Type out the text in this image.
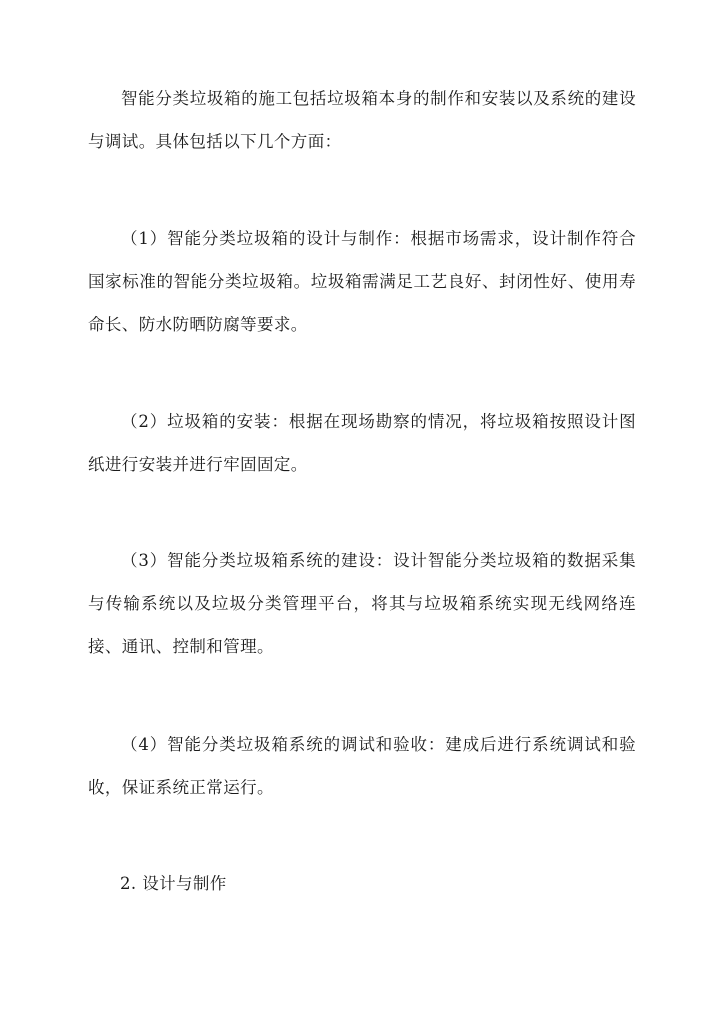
智能分类垃圾箱的施工包括垃圾箱本身的制作和安装以及系统的建设与调试。具体包括以下几个方面：

（1）智能分类垃圾箱的设计与制作：根据市场需求，设计制作符合国家标准的智能分类垃圾箱。垃圾箱需满足工艺良好、封闭性好、使用寿命长、防水防晒防腐等要求。

（2）垃圾箱的安装：根据在现场勘察的情况，将垃圾箱按照设计图纸进行安装并进行牢固固定。

（3）智能分类垃圾箱系统的建设：设计智能分类垃圾箱的数据采集与传输系统以及垃圾分类管理平台，将其与垃圾箱系统实现无线网络连接、通讯、控制和管理。

（4）智能分类垃圾箱系统的调试和验收：建成后进行系统调试和验收，保证系统正常运行。

2. 设计与制作
